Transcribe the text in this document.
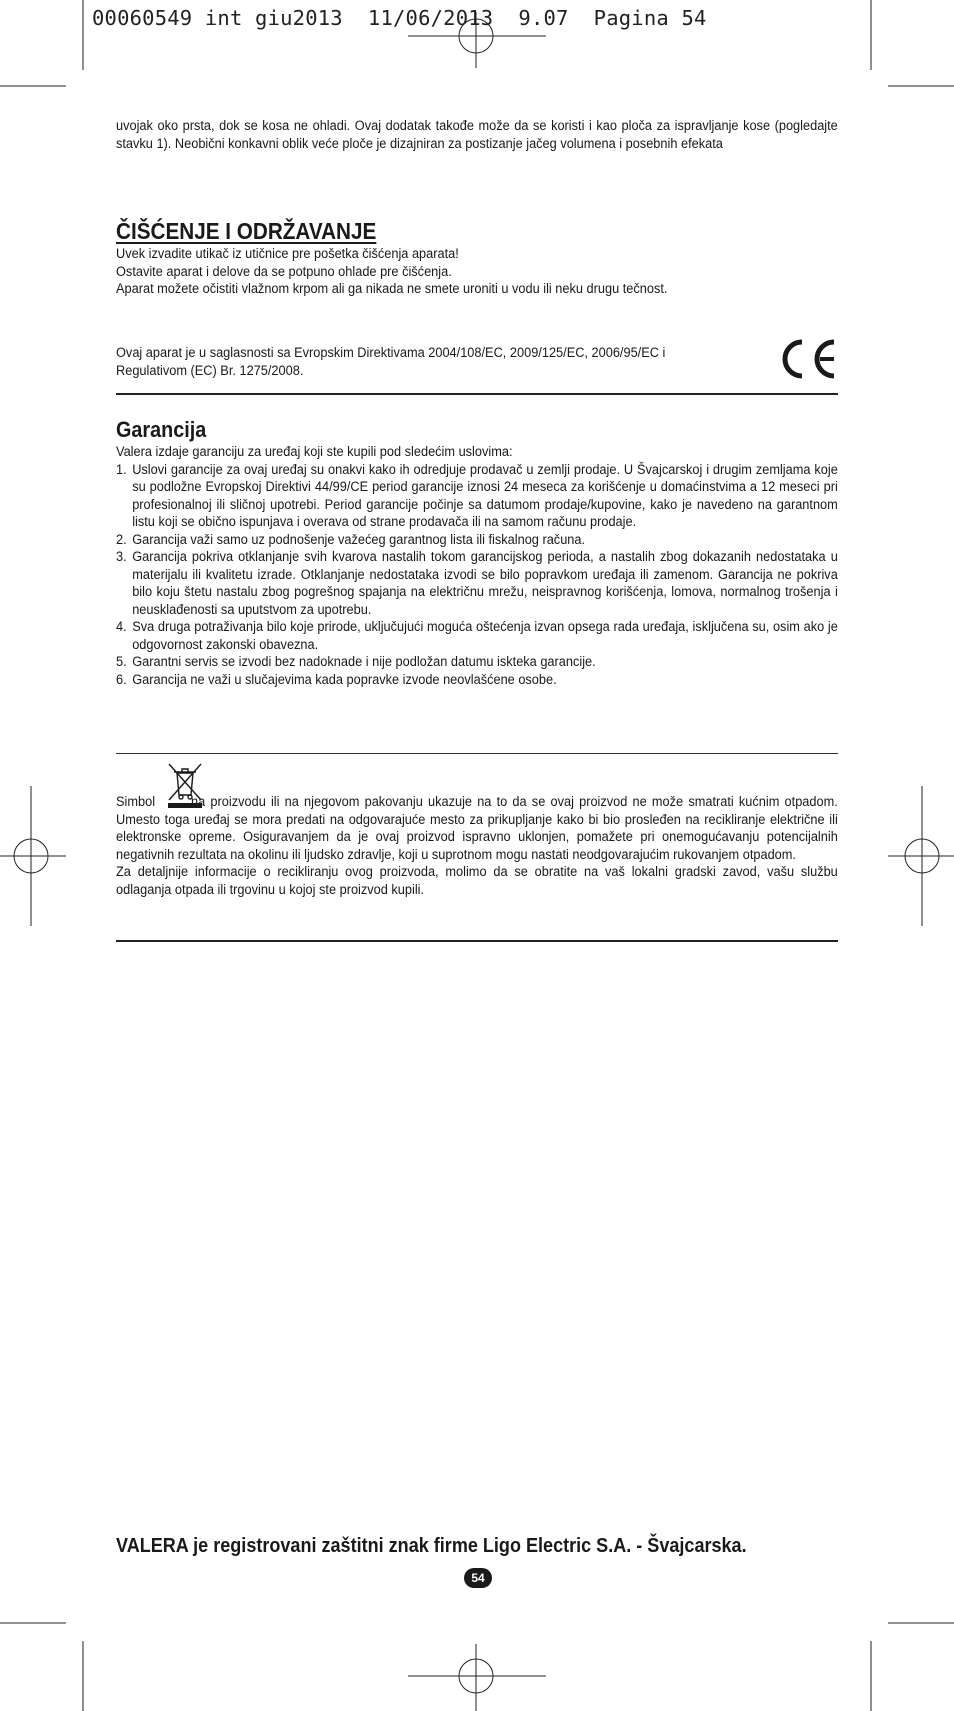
00060549 int giu2013  11/06/2013  9.07  Pagina 54

uvojak oko prsta, dok se kosa ne ohladi. Ovaj dodatak takođe može da se koristi i kao ploča za ispravljanje kose (pogledajte stavku 1). Neobični konkavni oblik veće ploče je dizajniran za postizanje jačeg volumena i posebnih efekata

ČIŠĆENJE I ODRŽAVANJE

Uvek izvadite utikač iz utičnice pre pošetka čišćenja aparata!

Ostavite aparat i delove da se potpuno ohlade pre čišćenja.

Aparat možete očistiti vlažnom krpom ali ga nikada ne smete uroniti u vodu ili neku drugu tečnost.

Ovaj aparat je u saglasnosti sa Evropskim Direktivama 2004/108/EC, 2009/125/EC, 2006/95/EC i Regulativom (EC) Br. 1275/2008.

Garancija

Valera izdaje garanciju za uređaj koji ste kupili pod sledećim uslovima:

1. Uslovi garancije za ovaj uređaj su onakvi kako ih odredjuje prodavač u zemlji prodaje. U Švajcarskoj i drugim zemljama koje su podložne Evropskoj Direktivi 44/99/CE period garancije iznosi 24 meseca za korišćenje u domaćinstvima a 12 meseci pri profesionalnoj ili sličnoj upotrebi. Period garancije počinje sa datumom prodaje/kupovine, kako je navedeno na garantnom listu koji se obično ispunjava i overava od strane prodavača ili na samom računu prodaje.
2. Garancija važi samo uz podnošenje važećeg garantnog lista ili fiskalnog računa.
3. Garancija pokriva otklanjanje svih kvarova nastalih tokom garancijskog perioda, a nastalih zbog dokazanih nedostataka u materijalu ili kvalitetu izrade. Otklanjanje nedostataka izvodi se bilo popravkom uređaja ili zamenom. Garancija ne pokriva bilo koju štetu nastalu zbog pogrešnog spajanja na električnu mrežu, neispravnog korišćenja, lomova, normalnog trošenja i neusklađenosti sa uputstvom za upotrebu.
4. Sva druga potraživanja bilo koje prirode, uključujući moguća oštećenja izvan opsega rada uređaja, isključena su, osim ako je odgovornost zakonski obavezna.
5. Garantni servis se izvodi bez nadoknade i nije podložan datumu iskteka garancije.
6. Garancija ne važi u slučajevima kada popravke izvode neovlašćene osobe.

Simbol	na proizvodu ili na njegovom pakovanju ukazuje na to da se ovaj proizvod ne može smatrati kućnim otpadom. Umesto toga uređaj se mora predati na odgovarajuće mesto za prikupljanje kako bi bio prosleđen na recikliranje električne ili elektronske opreme. Osiguravanjem da je ovaj proizvod ispravno uklonjen, pomažete pri onemogućavanju potencijalnih negativnih rezultata na okolinu ili ljudsko zdravlje, koji u suprotnom mogu nastati neodgovarajućim rukovanjem otpadom.

Za detaljnije informacije o recikliranju ovog proizvoda, molimo da se obratite na vaš lokalni gradski zavod, vašu službu odlaganja otpada ili trgovinu u kojoj ste proizvod kupili.

VALERA je registrovani zaštitni znak firme Ligo Electric S.A. - Švajcarska.
54
